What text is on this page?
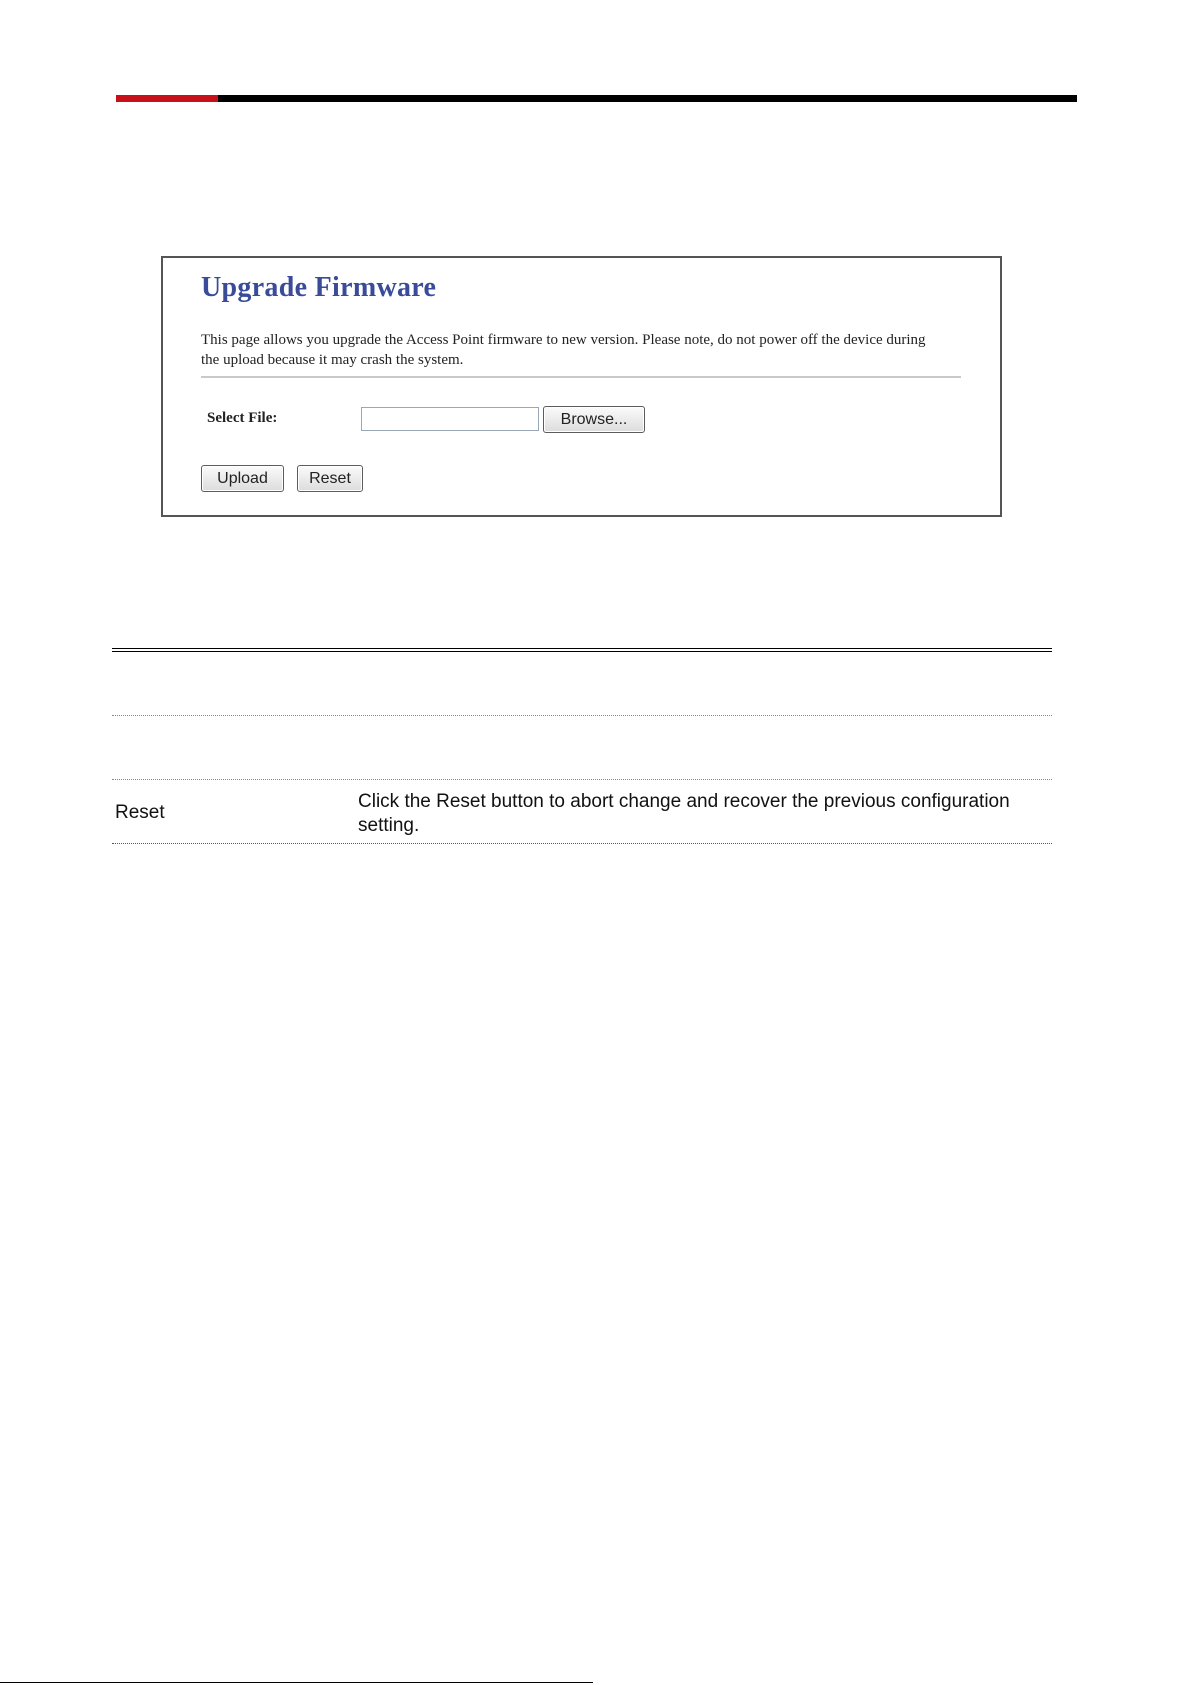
Upgrade Firmware

This page allows you upgrade the Access Point firmware to new version. Please note, do not power off the device during the upload because it may crash the system.

Select File:	Browse...
Upload	Reset
Reset
Click the Reset button to abort change and recover the previous configuration setting.
